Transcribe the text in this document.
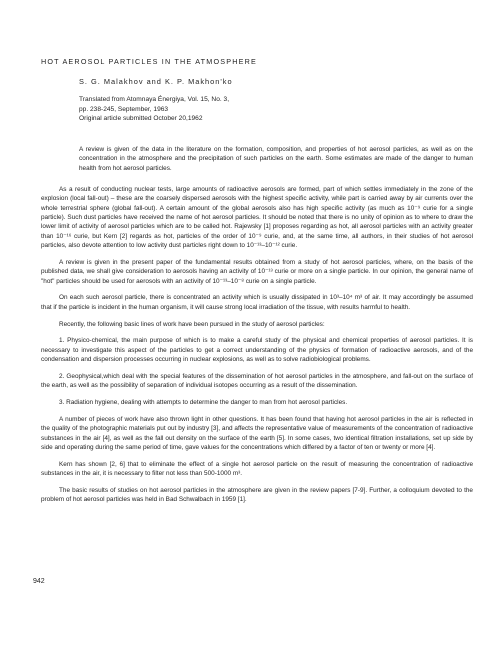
HOT AEROSOL PARTICLES IN THE ATMOSPHERE
S. G. Malakhov and K. P. Makhon'ko
Translated from Atomnaya Énergiya, Vol. 15, No. 3,
pp. 238-245, September, 1963
Original article submitted October 20,1962
A review is given of the data in the literature on the formation, composition, and properties of hot aerosol particles, as well as on the concentration in the atmosphere and the precipitation of such particles on the earth. Some estimates are made of the danger to human health from hot aerosol particles.

As a result of conducting nuclear tests, large amounts of radioactive aerosols are formed, part of which settles immediately in the zone of the explosion (local fall-out) – these are the coarsely dispersed aerosols with the highest specific activity, while part is carried away by air currents over the whole terrestrial sphere (global fall-out). A certain amount of the global aerosols also has high specific activity (as much as 10⁻⁹ curie for a single particle). Such dust particles have received the name of hot aerosol particles. It should be noted that there is no unity of opinion as to where to draw the lower limit of activity of aerosol particles which are to be called hot. Rajewsky [1] proposes regarding as hot, all aerosol particles with an activity greater than 10⁻¹⁶ curie, but Kern [2] regards as hot, particles of the order of 10⁻⁹ curie, and, at the same time, all authors, in their studies of hot aerosol particles, also devote attention to low activity dust particles right down to 10⁻¹³–10⁻¹² curie.

A review is given in the present paper of the fundamental results obtained from a study of hot aerosol particles, where, on the basis of the published data, we shall give consideration to aerosols having an activity of 10⁻¹³ curie or more on a single particle. In our opinion, the general name of "hot" particles should be used for aerosols with an activity of 10⁻¹³–10⁻⁸ curie on a single particle.

On each such aerosol particle, there is concentrated an activity which is usually dissipated in 10³–10⁴ m³ of air. It may accordingly be assumed that if the particle is incident in the human organism, it will cause strong local irradiation of the tissue, with results harmful to health.

Recently, the following basic lines of work have been pursued in the study of aerosol particles:

1. Physico-chemical, the main purpose of which is to make a careful study of the physical and chemical properties of aerosol particles. It is necessary to investigate this aspect of the particles to get a correct understanding of the physics of formation of radioactive aerosols, and of the condensation and dispersion processes occurring in nuclear explosions, as well as to solve radiobiological problems.

2. Geophysical,which deal with the special features of the dissemination of hot aerosol particles in the atmosphere, and fall-out on the surface of the earth, as well as the possibility of separation of individual isotopes occurring as a result of the dissemination.

3. Radiation hygiene, dealing with attempts to determine the danger to man from hot aerosol particles.

A number of pieces of work have also thrown light in other questions. It has been found that having hot aerosol particles in the air is reflected in the quality of the photographic materials put out by industry [3], and affects the representative value of measurements of the concentration of radioactive substances in the air [4], as well as the fall out density on the surface of the earth [5]. In some cases, two identical filtration installations, set up side by side and operating during the same period of time, gave values for the concentrations which differed by a factor of ten or twenty or more [4].

Kern has shown [2, 6] that to eliminate the effect of a single hot aerosol particle on the result of measuring the concentration of radioactive substances in the air, it is necessary to filter not less than 500-1000 m³.

The basic results of studies on hot aerosol particles in the atmosphere are given in the review papers [7-9]. Further, a colloquium devoted to the problem of hot aerosol particles was held in Bad Schwalbach in 1959 [1].

942
